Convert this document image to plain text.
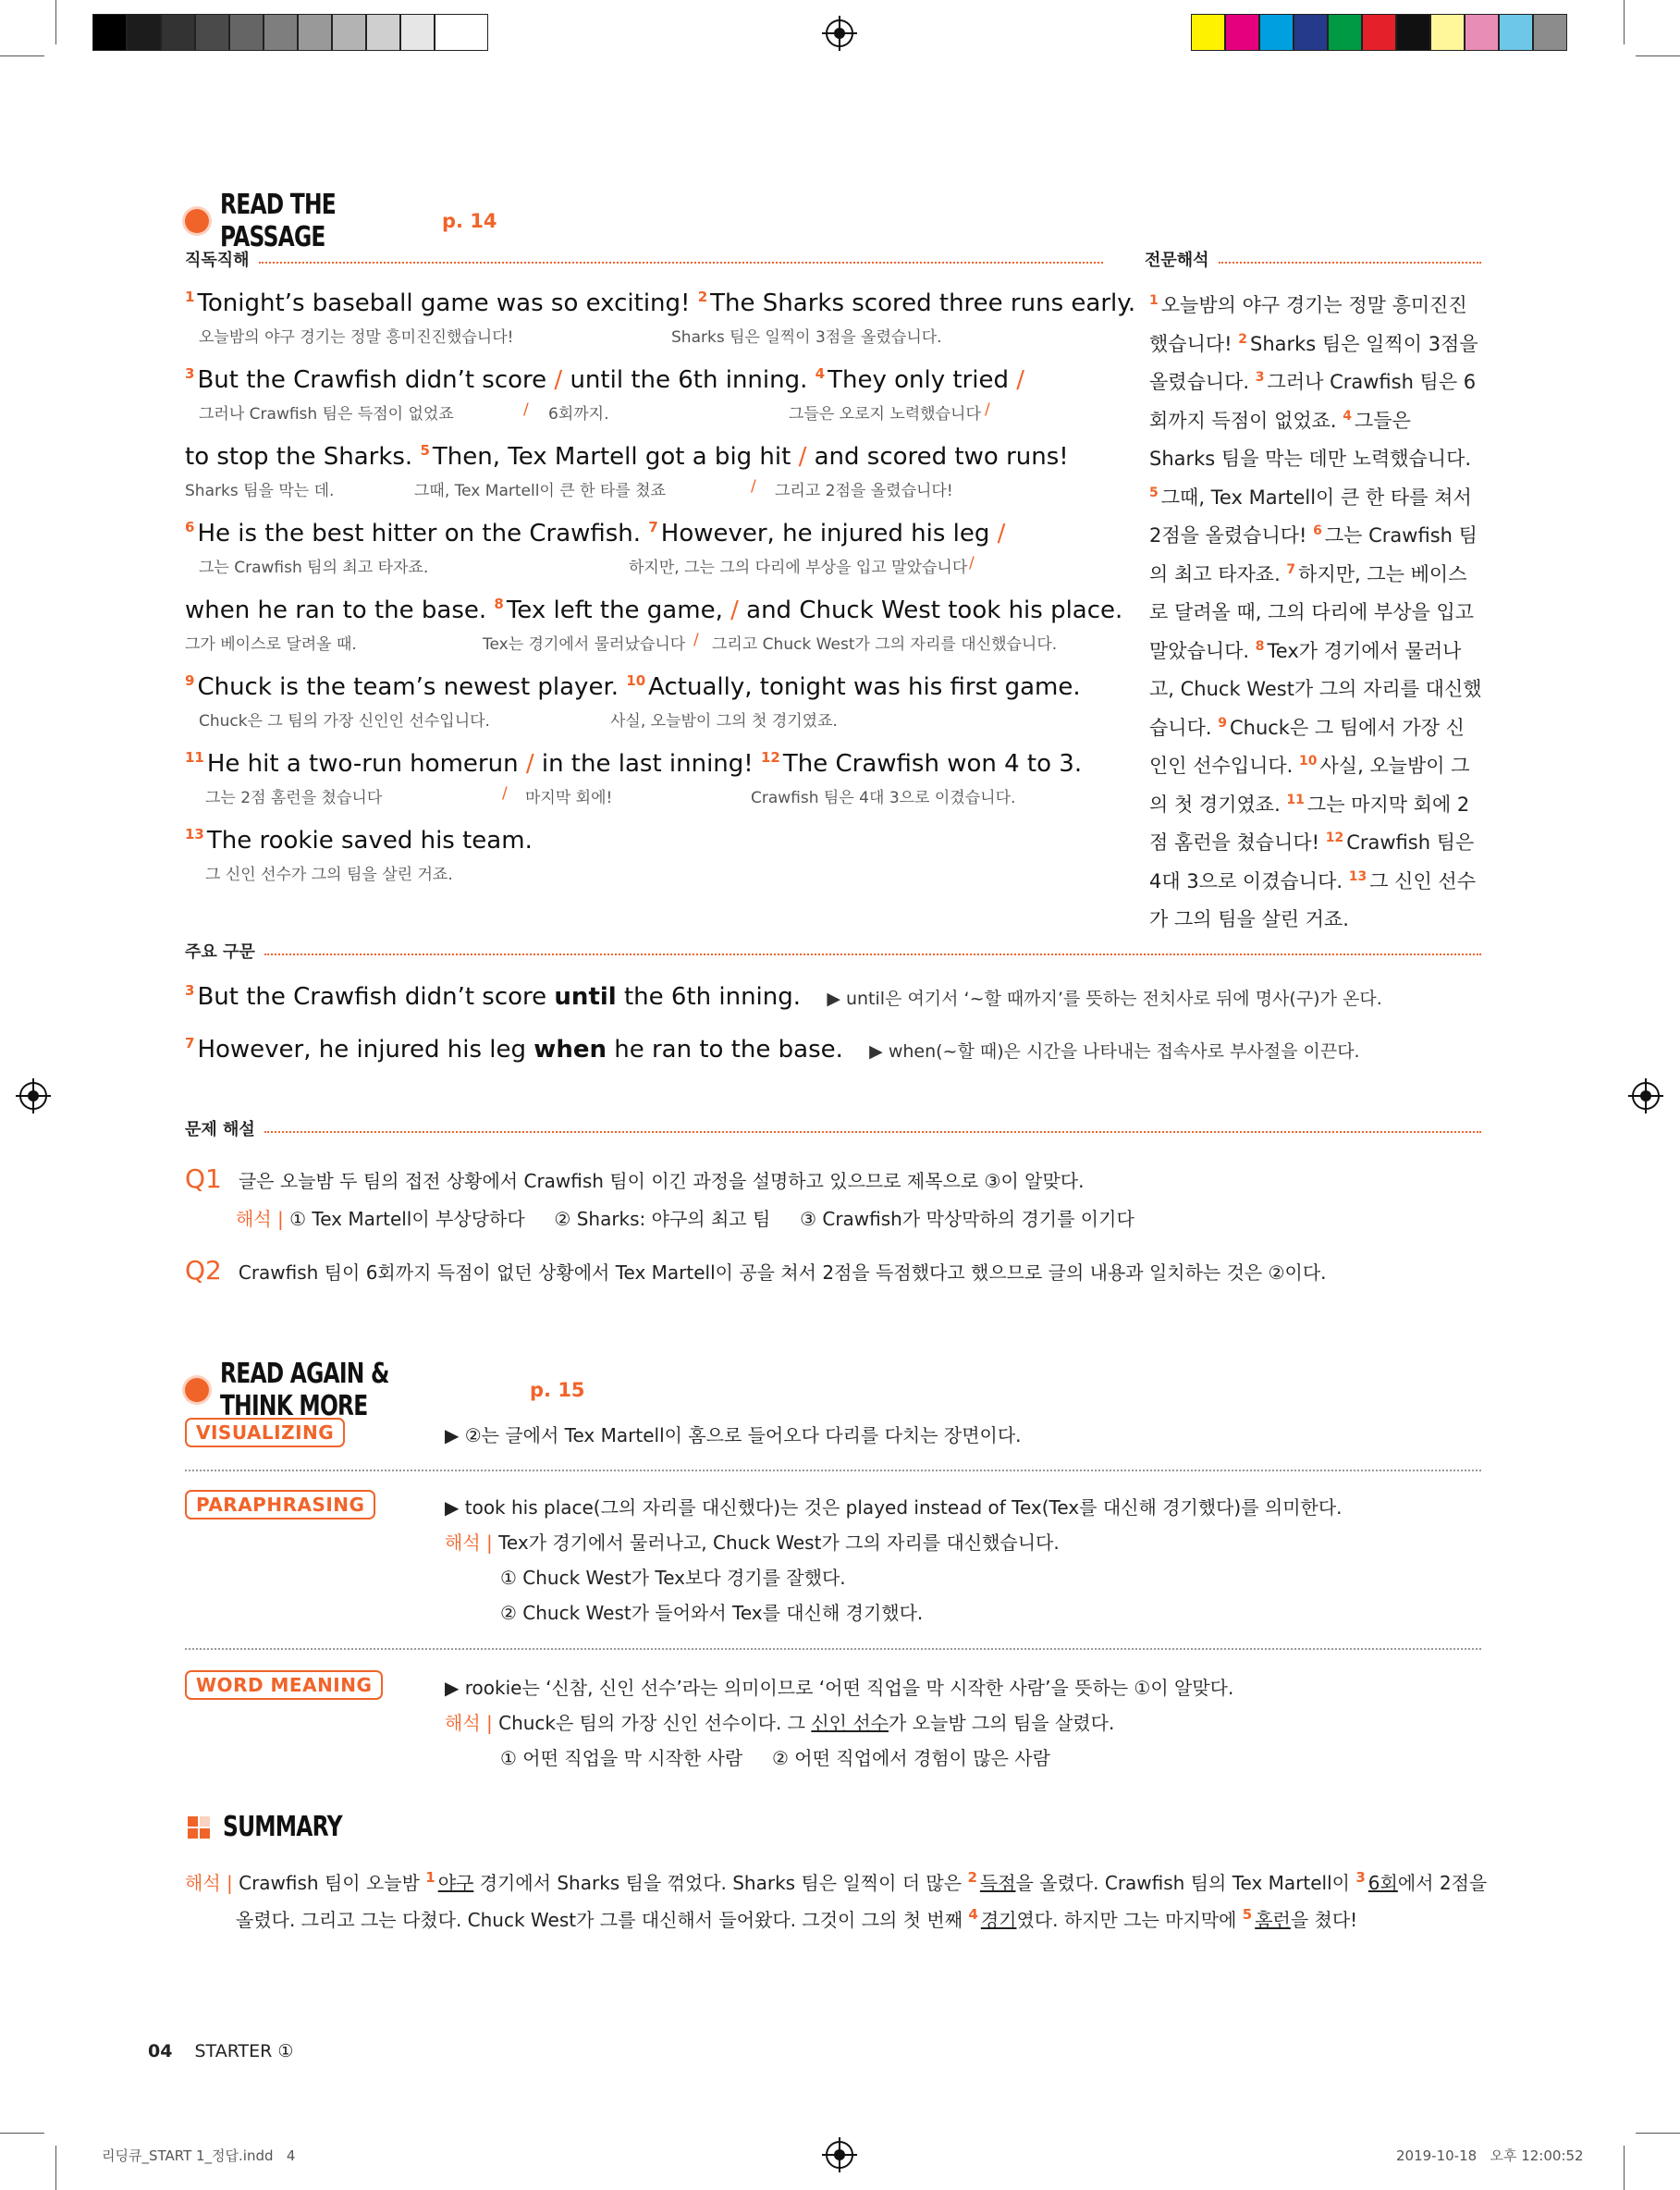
READ THE PASSAGE	p. 14
직독직해	전문해석
$^1$ Tonight’s baseball game was so exciting! $^2$ The Sharks scored three runs early.
오늘밤의 야구 경기는 정말 흥미진진했습니다!	Sharks 팀은 일찍이 3점을 올렸습니다.
$^3$ But the Crawfish didn’t score / until the 6th inning. $^4$ They only tried /
그러나 Crawfish 팀은 득점이 없었죠	/ 6회까지.	그들은 오로지 노력했습니다 /
to stop the Sharks. $^5$ Then, Tex Martell got a big hit / and scored two runs!
Sharks 팀을 막는 데.	그때, Tex Martell이 큰 한 타를 쳤죠	/ 그리고 2점을 올렸습니다!
$^6$ He is the best hitter on the Crawfish. $^7$ However, he injured his leg /
그는 Crawfish 팀의 최고 타자죠.	하지만, 그는 그의 다리에 부상을 입고 말았습니다 /
when he ran to the base. $^8$ Tex left the game, / and Chuck West took his place.
그가 베이스로 달려올 때.	Tex는 경기에서 물러났습니다 / 그리고 Chuck West가 그의 자리를 대신했습니다.
$^9$ Chuck is the team’s newest player. $^{10}$ Actually, tonight was his first game.
Chuck은 그 팀의 가장 신인인 선수입니다.	사실, 오늘밤이 그의 첫 경기였죠.
$^{11}$ He hit a two-run homerun / in the last inning! $^{12}$ The Crawfish won 4 to 3.
그는 2점 홈런을 쳤습니다	/ 마지막 회에!	Crawfish 팀은 4대 3으로 이겼습니다.
$^{13}$ The rookie saved his team.
그 신인 선수가 그의 팀을 살린 거죠.
$^1$ 오늘밤의 야구 경기는 정말 흥미진진했습니다! $^2$ Sharks 팀은 일찍이 3점을 올렸습니다. $^3$ 그러나 Crawfish 팀은 6회까지 득점이 없었죠. $^4$ 그들은 Sharks 팀을 막는 데만 노력했습니다. $^5$ 그때, Tex Martell이 큰 한 타를 쳐서 2점을 올렸습니다! $^6$ 그는 Crawfish 팀의 최고 타자죠. $^7$ 하지만, 그는 베이스로 달려올 때, 그의 다리에 부상을 입고 말았습니다. $^8$ Tex가 경기에서 물러나고, Chuck West가 그의 자리를 대신했습니다. $^9$ Chuck은 그 팀에서 가장 신인인 선수입니다. $^{10}$ 사실, 오늘밤이 그의 첫 경기였죠. $^{11}$ 그는 마지막 회에 2점 홈런을 쳤습니다! $^{12}$ Crawfish 팀은 4대 3으로 이겼습니다. $^{13}$ 그 신인 선수가 그의 팀을 살린 거죠.
주요 구문
$^3$ But the Crawfish didn’t score until the 6th inning. ▶ until은 여기서 ‘~할 때까지’를 뜻하는 전치사로 뒤에 명사(구)가 온다.
$^7$ However, he injured his leg when he ran to the base. ▶ when(~할 때)은 시간을 나타내는 접속사로 부사절을 이끈다.
문제 해설
Q1 글은 오늘밤 두 팀의 접전 상황에서 Crawfish 팀이 이긴 과정을 설명하고 있으므로 제목으로 ③이 알맞다.
해석 | ① Tex Martell이 부상당하다     ② Sharks: 야구의 최고 팀     ③ Crawfish가 막상막하의 경기를 이기다
Q2 Crawfish 팀이 6회까지 득점이 없던 상황에서 Tex Martell이 공을 쳐서 2점을 득점했다고 했으므로 글의 내용과 일치하는 것은 ②이다.
READ AGAIN & THINK MORE	p. 15
VISUALIZING	▶ ②는 글에서 Tex Martell이 홈으로 들어오다 다리를 다치는 장면이다.
PARAPHRASING	▶ took his place(그의 자리를 대신했다)는 것은 played instead of Tex(Tex를 대신해 경기했다)를 의미한다.
해석 | Tex가 경기에서 물러나고, Chuck West가 그의 자리를 대신했습니다.
① Chuck West가 Tex보다 경기를 잘했다.
② Chuck West가 들어와서 Tex를 대신해 경기했다.
WORD MEANING	▶ rookie는 ‘신참, 신인 선수’라는 의미이므로 ‘어떤 직업을 막 시작한 사람’을 뜻하는 ①이 알맞다.
해석 | Chuck은 팀의 가장 신인 선수이다. 그 신인 선수가 오늘밤 그의 팀을 살렸다.
① 어떤 직업을 막 시작한 사람     ② 어떤 직업에서 경험이 많은 사람
SUMMARY
해석 | Crawfish 팀이 오늘밤 $^1$ 야구 경기에서 Sharks 팀을 꺾었다. Sharks 팀은 일찍이 더 많은 $^2$ 득점을 올렸다. Crawfish 팀의 Tex Martell이 $^3$ 6회에서 2점을
올렸다. 그리고 그는 다쳤다. Chuck West가 그를 대신해서 들어왔다. 그것이 그의 첫 번째 $^4$ 경기였다. 하지만 그는 마지막에 $^5$ 홈런을 쳤다!
04 STARTER ①
리딩큐_START 1_정답.indd   4	2019-10-18   오후 12:00:52
